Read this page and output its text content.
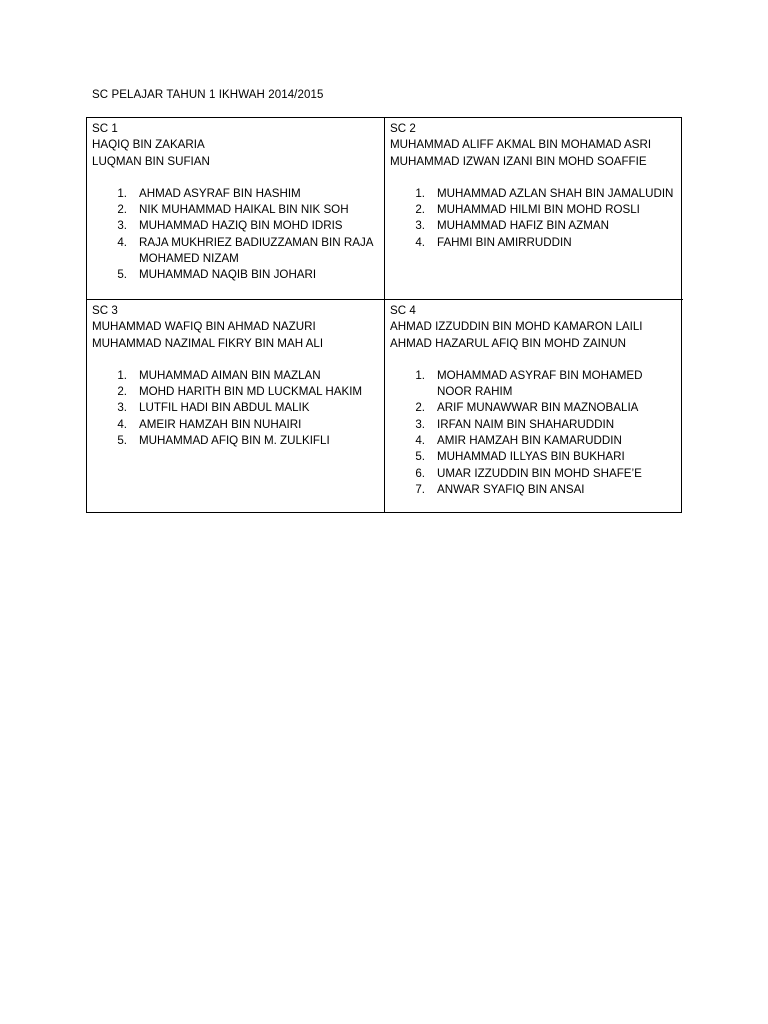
SC PELAJAR TAHUN 1 IKHWAH 2014/2015
SC 1
HAQIQ BIN ZAKARIA
LUQMAN BIN SUFIAN
1.	AHMAD ASYRAF BIN HASHIM
2.	NIK MUHAMMAD HAIKAL BIN NIK SOH
3.	MUHAMMAD HAZIQ BIN MOHD IDRIS
4.	RAJA MUKHRIEZ BADIUZZAMAN BIN RAJA MOHAMED NIZAM
5.	MUHAMMAD NAQIB BIN JOHARI
SC 2
MUHAMMAD ALIFF AKMAL BIN MOHAMAD ASRI
MUHAMMAD IZWAN IZANI BIN MOHD SOAFFIE
1.	MUHAMMAD AZLAN SHAH BIN JAMALUDIN
2.	MUHAMMAD HILMI BIN MOHD ROSLI
3.	MUHAMMAD HAFIZ BIN AZMAN
4.	FAHMI BIN AMIRRUDDIN
SC 3
MUHAMMAD WAFIQ BIN AHMAD NAZURI
MUHAMMAD NAZIMAL FIKRY BIN MAH ALI
1.	MUHAMMAD AIMAN BIN MAZLAN
2.	MOHD HARITH BIN MD LUCKMAL HAKIM
3.	LUTFIL HADI BIN ABDUL MALIK
4.	AMEIR HAMZAH BIN NUHAIRI
5.	MUHAMMAD AFIQ BIN M. ZULKIFLI
SC 4
AHMAD IZZUDDIN BIN MOHD KAMARON LAILI
AHMAD HAZARUL AFIQ BIN MOHD ZAINUN
1.	MOHAMMAD ASYRAF BIN MOHAMED NOOR RAHIM
2.	ARIF MUNAWWAR BIN MAZNOBALIA
3.	IRFAN NAIM BIN SHAHARUDDIN
4.	AMIR HAMZAH BIN KAMARUDDIN
5.	MUHAMMAD ILLYAS BIN BUKHARI
6.	UMAR IZZUDDIN BIN MOHD SHAFE’E
7.	ANWAR SYAFIQ BIN ANSAI
